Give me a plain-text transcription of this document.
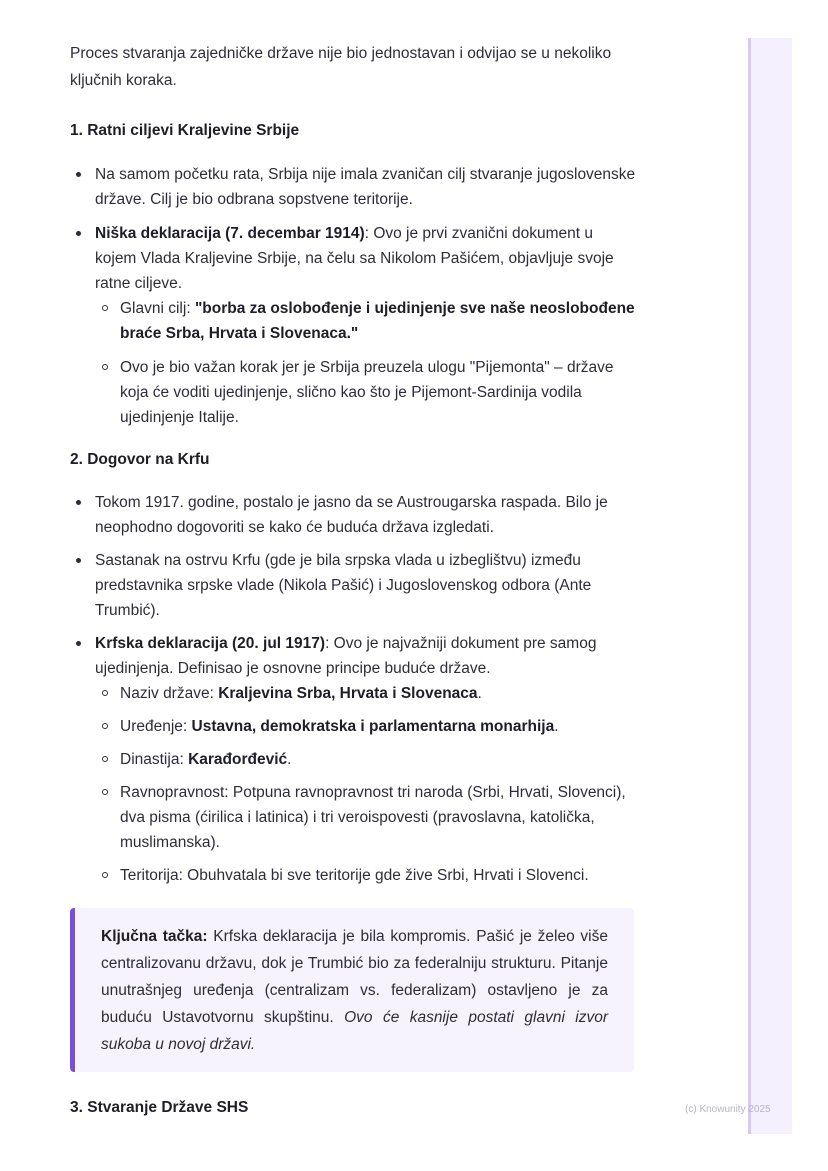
(c) Knowunity 2025

Proces stvaranja zajedničke države nije bio jednostavan i odvijao se u nekoliko ključnih koraka.

1. Ratni ciljevi Kraljevine Srbije
Na samom početku rata, Srbija nije imala zvaničan cilj stvaranje jugoslovenske države. Cilj je bio odbrana sopstvene teritorije.
Niška deklaracija (7. decembar 1914): Ovo je prvi zvanični dokument u kojem Vlada Kraljevine Srbije, na čelu sa Nikolom Pašićem, objavljuje svoje ratne ciljeve.
Glavni cilj: "borba za oslobođenje i ujedinjenje sve naše neoslobođene braće Srba, Hrvata i Slovenaca."
Ovo je bio važan korak jer je Srbija preuzela ulogu "Pijemonta" – države koja će voditi ujedinjenje, slično kao što je Pijemont-Sardinija vodila ujedinjenje Italije.
2. Dogovor na Krfu
Tokom 1917. godine, postalo je jasno da se Austrougarska raspada. Bilo je neophodno dogovoriti se kako će buduća država izgledati.
Sastanak na ostrvu Krfu (gde je bila srpska vlada u izbeglištvu) između predstavnika srpske vlade (Nikola Pašić) i Jugoslovenskog odbora (Ante Trumbić).
Krfska deklaracija (20. jul 1917): Ovo je najvažniji dokument pre samog ujedinjenja. Definisao je osnovne principe buduće države.
Naziv države: Kraljevina Srba, Hrvata i Slovenaca.
Uređenje: Ustavna, demokratska i parlamentarna monarhija.
Dinastija: Karađorđević.
Ravnopravnost: Potpuna ravnopravnost tri naroda (Srbi, Hrvati, Slovenci), dva pisma (ćirilica i latinica) i tri veroispovesti (pravoslavna, katolička, muslimanska).
Teritorija: Obuhvatala bi sve teritorije gde žive Srbi, Hrvati i Slovenci.
Ključna tačka: Krfska deklaracija je bila kompromis. Pašić je želeo više centralizovanu državu, dok je Trumbić bio za federalniju strukturu. Pitanje unutrašnjeg uređenja (centralizam vs. federalizam) ostavljeno je za buduću Ustavotvornu skupštinu. Ovo će kasnije postati glavni izvor sukoba u novoj državi.
3. Stvaranje Države SHS
